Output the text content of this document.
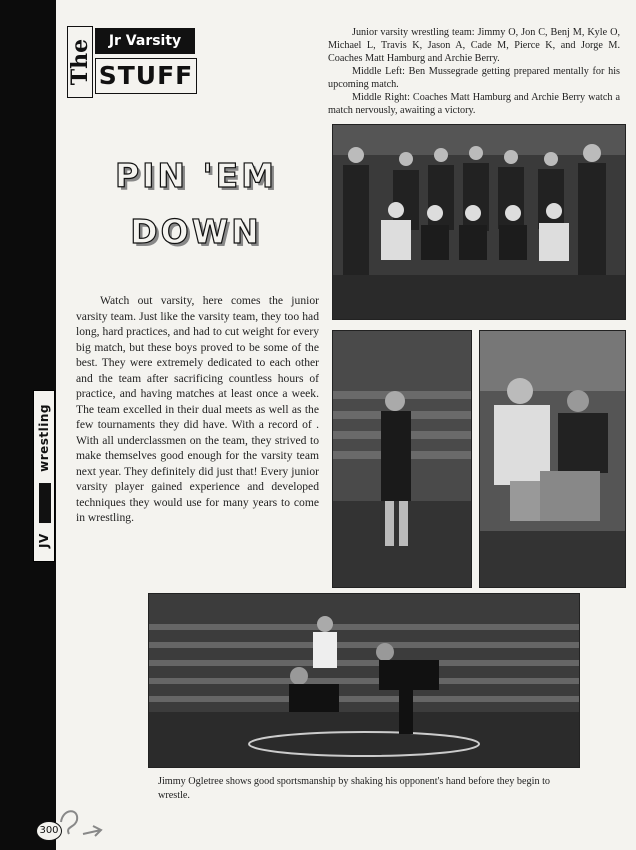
JV  wrestling
The	Jr Varsity
STUFF

Junior varsity wrestling team: Jimmy O, Jon C, Benj M, Kyle O, Michael L, Travis K, Jason A, Cade M, Pierce K, and Jorge M. Coaches Matt Hamburg and Archie Berry.

Middle Left: Ben Mussegrade getting prepared mentally for his upcoming match.

Middle Right: Coaches Matt Hamburg and Archie Berry watch a match nervously, awaiting a victory.

PIN 'EM
DOWN

Watch out varsity, here comes the junior varsity team. Just like the varsity team, they too had long, hard practices, and had to cut weight for every big match, but these boys proved to be some of the best. They were extremely dedicated to each other and the team after sacrificing countless hours of practice, and having matches at least once a week. The team excelled in their dual meets as well as the few tournaments they did have. With a record of . With all underclassmen on the team, they strived to make themselves good enough for the varsity team next year. They definitely did just that! Every junior varsity player gained experience and developed techniques they would use for many years to come in wrestling.

Jimmy Ogletree shows good sportsmanship by shaking his opponent's hand before they begin to wrestle.
300
